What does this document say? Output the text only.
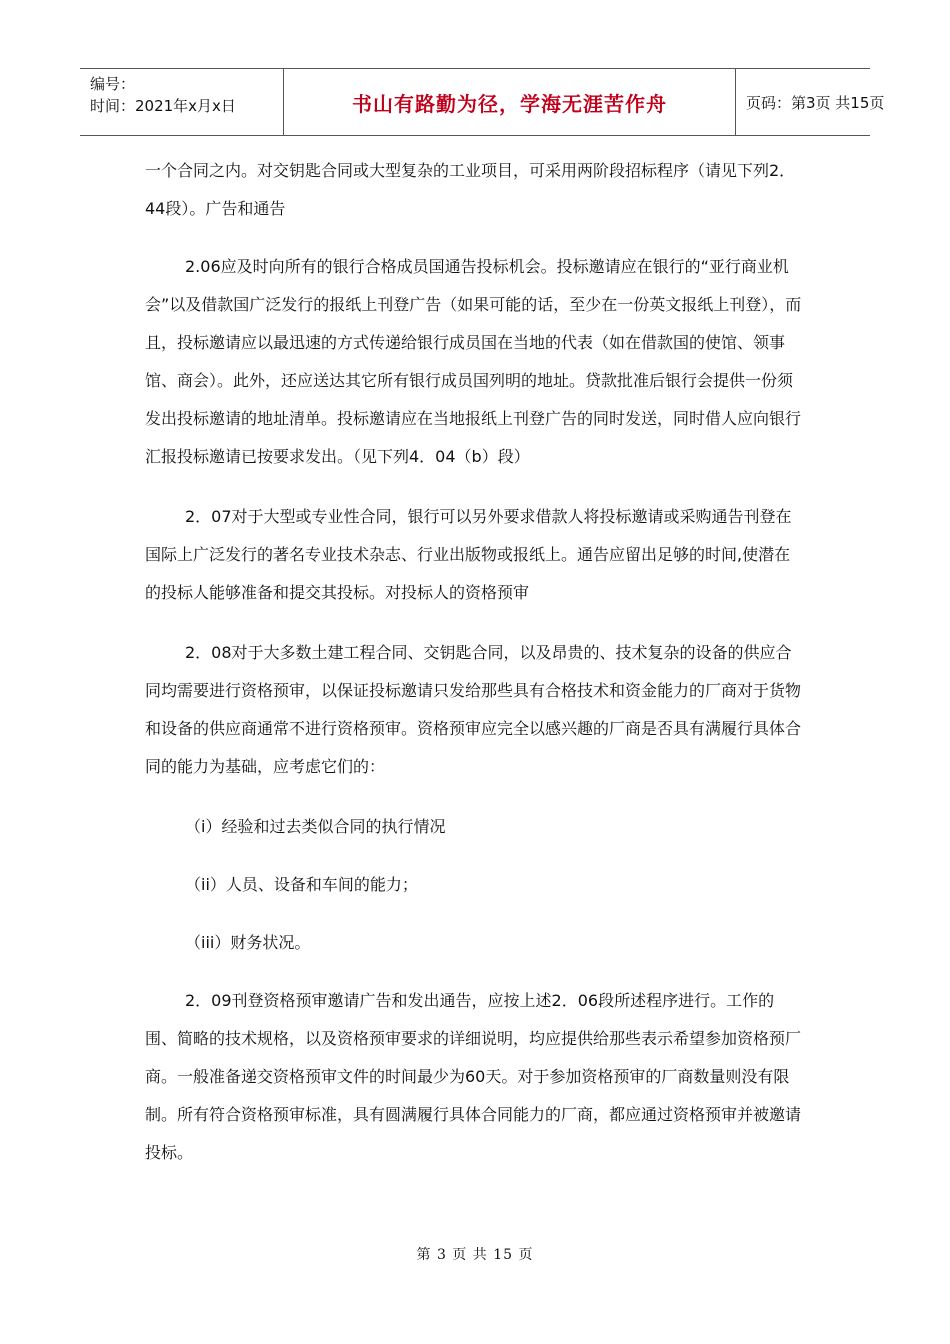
编号：
时间：2021年x月x日	书山有路勤为径，学海无涯苦作舟	页码：第3页 共15页

一个合同之内。对交钥匙合同或大型复杂的工业项目，可采用两阶段招标程序（请见下列2．44段）。广告和通告

2.06应及时向所有的银行合格成员国通告投标机会。投标邀请应在银行的“亚行商业机会”以及借款国广泛发行的报纸上刊登广告（如果可能的话，至少在一份英文报纸上刊登），而且，投标邀请应以最迅速的方式传递给银行成员国在当地的代表（如在借款国的使馆、领事馆、商会）。此外，还应送达其它所有银行成员国列明的地址。贷款批准后银行会提供一份须发出投标邀请的地址清单。投标邀请应在当地报纸上刊登广告的同时发送，同时借人应向银行汇报投标邀请已按要求发出。（见下列4．04（b）段）

2．07对于大型或专业性合同，银行可以另外要求借款人将投标邀请或采购通告刊登在国际上广泛发行的著名专业技术杂志、行业出版物或报纸上。通告应留出足够的时间,使潜在的投标人能够准备和提交其投标。对投标人的资格预审

2．08对于大多数土建工程合同、交钥匙合同，以及昂贵的、技术复杂的设备的供应合同均需要进行资格预审，以保证投标邀请只发给那些具有合格技术和资金能力的厂商对于货物和设备的供应商通常不进行资格预审。资格预审应完全以感兴趣的厂商是否具有满履行具体合同的能力为基础，应考虑它们的：

（i）经验和过去类似合同的执行情况

（ii）人员、设备和车间的能力；

（iii）财务状况。

2．09刊登资格预审邀请广告和发出通告，应按上述2．06段所述程序进行。工作的围、简略的技术规格，以及资格预审要求的详细说明，均应提供给那些表示希望参加资格预厂商。一般准备递交资格预审文件的时间最少为60天。对于参加资格预审的厂商数量则没有限制。所有符合资格预审标准，具有圆满履行具体合同能力的厂商，都应通过资格预审并被邀请投标。

第 3 页 共 15 页
